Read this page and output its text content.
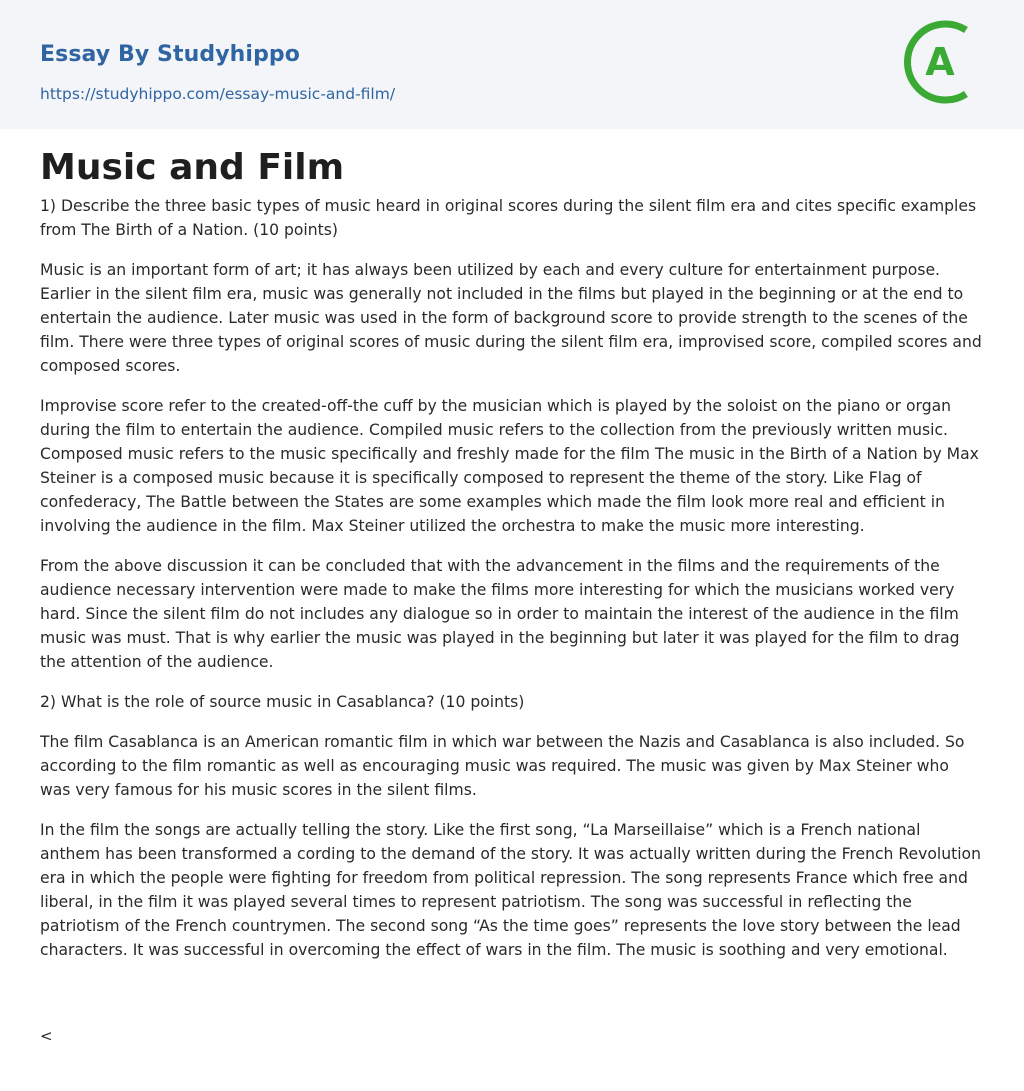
Essay By Studyhippo
https://studyhippo.com/essay-music-and-film/
A
Music and Film

1) Describe the three basic types of music heard in original scores during the silent film era and cites specific examples from The Birth of a Nation. (10 points)

Music is an important form of art; it has always been utilized by each and every culture for entertainment purpose. Earlier in the silent film era, music was generally not included in the films but played in the beginning or at the end to entertain the audience. Later music was used in the form of background score to provide strength to the scenes of the film. There were three types of original scores of music during the silent film era, improvised score, compiled scores and composed scores.

Improvise score refer to the created-off-the cuff by the musician which is played by the soloist on the piano or organ during the film to entertain the audience. Compiled music refers to the collection from the previously written music. Composed music refers to the music specifically and freshly made for the film The music in the Birth of a Nation by Max Steiner is a composed music because it is specifically composed to represent the theme of the story. Like Flag of confederacy, The Battle between the States are some examples which made the film look more real and efficient in involving the audience in the film. Max Steiner utilized the orchestra to make the music more interesting.

From the above discussion it can be concluded that with the advancement in the films and the requirements of the audience necessary intervention were made to make the films more interesting for which the musicians worked very hard. Since the silent film do not includes any dialogue so in order to maintain the interest of the audience in the film music was must. That is why earlier the music was played in the beginning but later it was played for the film to drag the attention of the audience.

2) What is the role of source music in Casablanca? (10 points)

The film Casablanca is an American romantic film in which war between the Nazis and Casablanca is also included. So according to the film romantic as well as encouraging music was required. The music was given by Max Steiner who was very famous for his music scores in the silent films.

In the film the songs are actually telling the story. Like the first song, “La Marseillaise” which is a French national anthem has been transformed a cording to the demand of the story. It was actually written during the French Revolution era in which the people were fighting for freedom from political repression. The song represents France which free and liberal, in the film it was played several times to represent patriotism. The song was successful in reflecting the patriotism of the French countrymen. The second song “As the time goes” represents the love story between the lead characters. It was successful in overcoming the effect of wars in the film. The music is soothing and very emotional.

<
